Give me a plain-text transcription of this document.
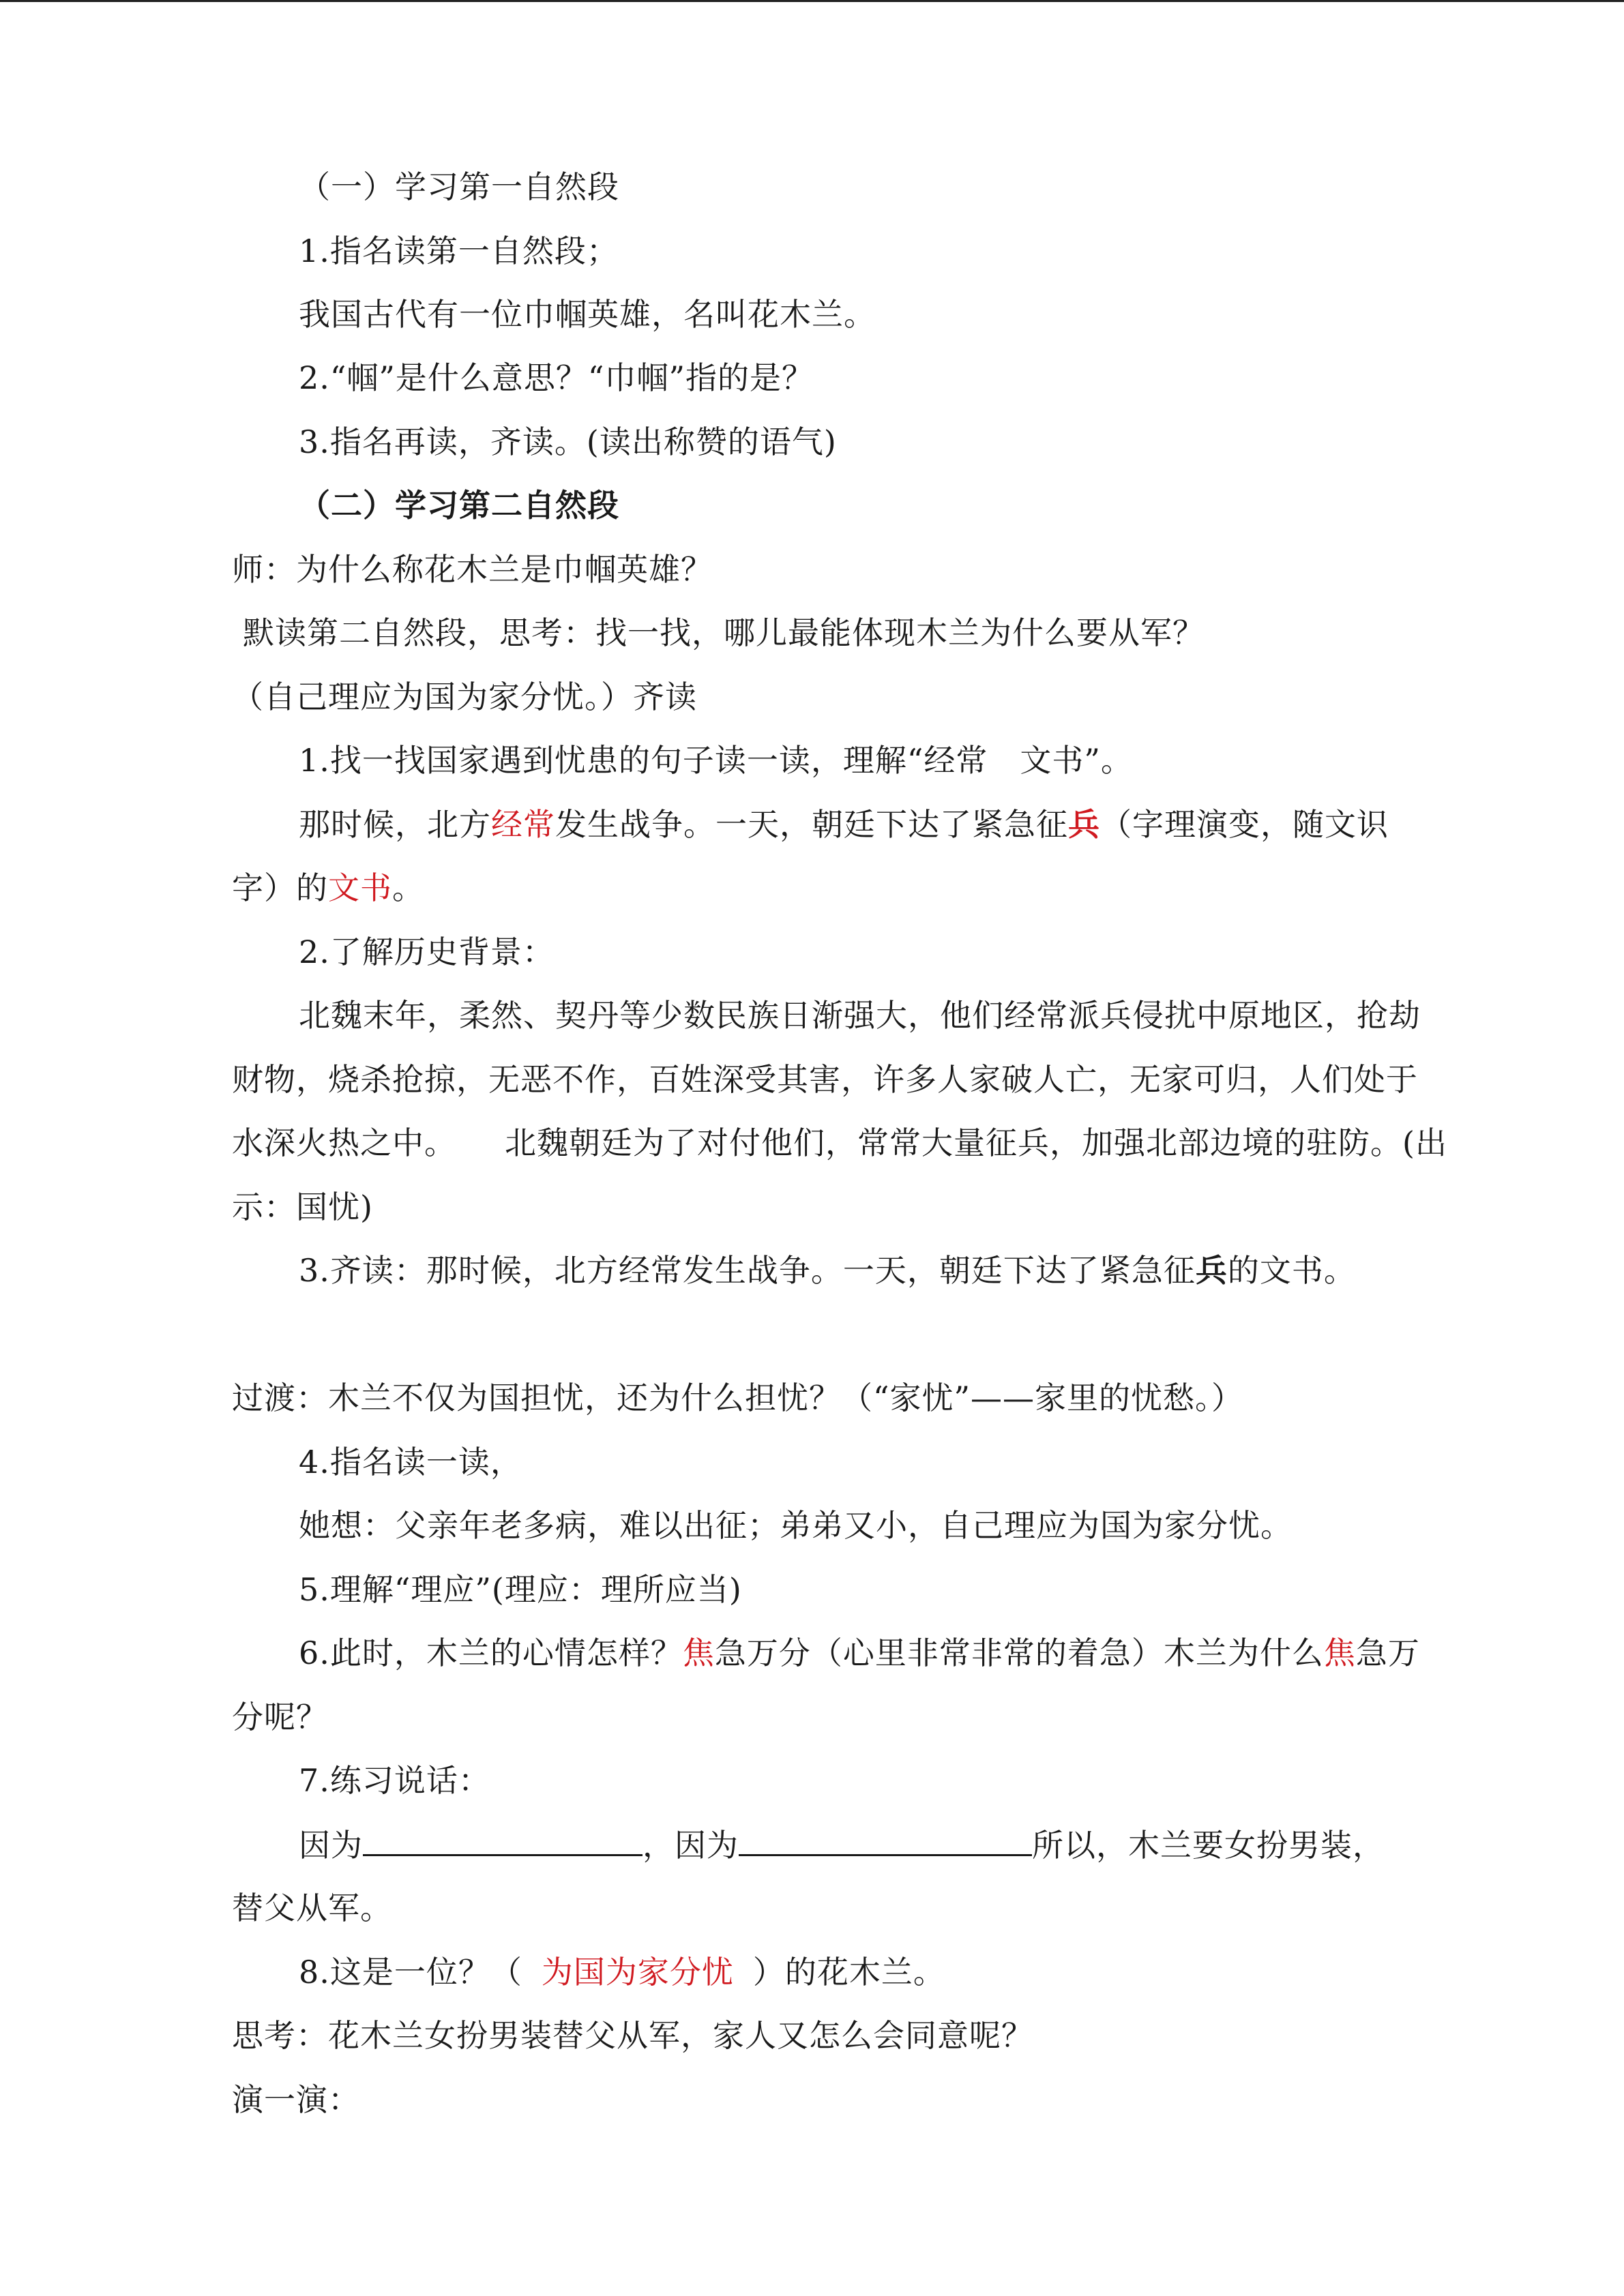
（一）学习第一自然段
1.指名读第一自然段；
我国古代有一位巾帼英雄，名叫花木兰。
2.“帼”是什么意思？“巾帼”指的是？
3.指名再读，齐读。(读出称赞的语气)
（二）学习第二自然段
师：为什么称花木兰是巾帼英雄？
默读第二自然段，思考：找一找，哪儿最能体现木兰为什么要从军？
（自己理应为国为家分忧。）齐读
1.找一找国家遇到忧患的句子读一读，理解“经常　文书”。
那时候，北方经常发生战争。一天，朝廷下达了紧急征兵（字理演变，随文识
字）的文书。
2.了解历史背景：
北魏末年，柔然、契丹等少数民族日渐强大，他们经常派兵侵扰中原地区，抢劫
财物，烧杀抢掠，无恶不作，百姓深受其害，许多人家破人亡，无家可归，人们处于
水深火热之中。　　北魏朝廷为了对付他们，常常大量征兵，加强北部边境的驻防。(出
示：国忧)
3.齐读：那时候，北方经常发生战争。一天，朝廷下达了紧急征兵的文书。
过渡：木兰不仅为国担忧，还为什么担忧？（“家忧”——家里的忧愁。）
4.指名读一读，
她想：父亲年老多病，难以出征；弟弟又小，自己理应为国为家分忧。
5.理解“理应”(理应：理所应当)
6.此时，木兰的心情怎样？焦急万分（心里非常非常的着急）木兰为什么焦急万
分呢？
7.练习说话：
因为	，因为	所以，木兰要女扮男装，
替父从军。
8.这是一位？（ 为国为家分忧 ）的花木兰。
思考：花木兰女扮男装替父从军，家人又怎么会同意呢？
演一演：
